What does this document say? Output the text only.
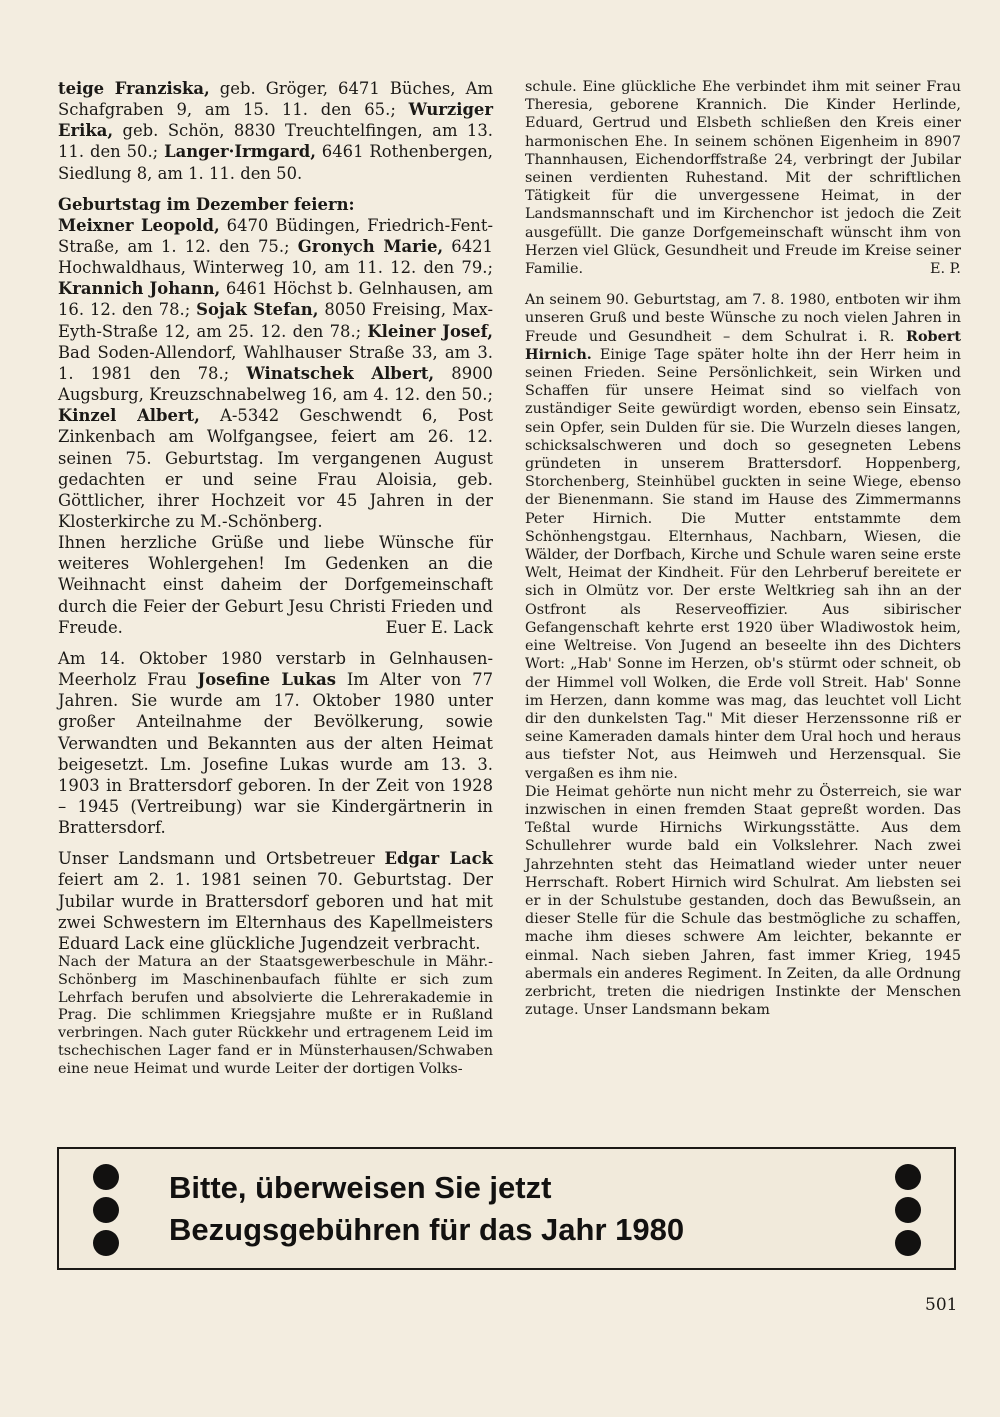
teige Franziska, geb. Gröger, 6471 Büches, Am Schafgraben 9, am 15. 11. den 65.; Wurziger Erika, geb. Schön, 8830 Treuchtelfingen, am 13. 11. den 50.; Langer·Irmgard, 6461 Rothenbergen, Siedlung 8, am 1. 11. den 50.

Geburtstag im Dezember feiern:

Meixner Leopold, 6470 Büdingen, Friedrich-Fent-Straße, am 1. 12. den 75.; Gronych Marie, 6421 Hochwaldhaus, Winterweg 10, am 11. 12. den 79.; Krannich Johann, 6461 Höchst b. Gelnhausen, am 16. 12. den 78.; Sojak Stefan, 8050 Freising, Max-Eyth-Straße 12, am 25. 12. den 78.; Kleiner Josef, Bad Soden-Allendorf, Wahlhauser Straße 33, am 3. 1. 1981 den 78.; Winatschek Albert, 8900 Augsburg, Kreuzschnabelweg 16, am 4. 12. den 50.; Kinzel Albert, A-5342 Geschwendt 6, Post Zinkenbach am Wolfgangsee, feiert am 26. 12. seinen 75. Geburtstag. Im vergangenen August gedachten er und seine Frau Aloisia, geb. Göttlicher, ihrer Hochzeit vor 45 Jahren in der Klosterkirche zu M.-Schönberg.

Ihnen herzliche Grüße und liebe Wünsche für weiteres Wohlergehen! Im Gedenken an die Weihnacht einst daheim der Dorfgemeinschaft durch die Feier der Geburt Jesu Christi Frieden und Freude.	Euer E. Lack

Am 14. Oktober 1980 verstarb in Gelnhausen-Meerholz Frau Josefine Lukas Im Alter von 77 Jahren. Sie wurde am 17. Oktober 1980 unter großer Anteilnahme der Bevölkerung, sowie Verwandten und Bekannten aus der alten Heimat beigesetzt. Lm. Josefine Lukas wurde am 13. 3. 1903 in Brattersdorf geboren. In der Zeit von 1928 – 1945 (Vertreibung) war sie Kindergärtnerin in Brattersdorf.

Unser Landsmann und Ortsbetreuer Edgar Lack feiert am 2. 1. 1981 seinen 70. Geburtstag. Der Jubilar wurde in Brattersdorf geboren und hat mit zwei Schwestern im Elternhaus des Kapellmeisters Eduard Lack eine glückliche Jugendzeit verbracht.

Nach der Matura an der Staatsgewerbeschule in Mähr.-Schönberg im Maschinenbaufach fühlte er sich zum Lehrfach berufen und absolvierte die Lehrerakademie in Prag. Die schlimmen Kriegsjahre mußte er in Rußland verbringen. Nach guter Rückkehr und ertragenem Leid im tschechischen Lager fand er in Münsterhausen/Schwaben eine neue Heimat und wurde Leiter der dortigen Volks-

schule. Eine glückliche Ehe verbindet ihm mit seiner Frau Theresia, geborene Krannich. Die Kinder Herlinde, Eduard, Gertrud und Elsbeth schließen den Kreis einer harmonischen Ehe. In seinem schönen Eigenheim in 8907 Thannhausen, Eichendorffstraße 24, verbringt der Jubilar seinen verdienten Ruhestand. Mit der schriftlichen Tätigkeit für die unvergessene Heimat, in der Landsmannschaft und im Kirchenchor ist jedoch die Zeit ausgefüllt. Die ganze Dorfgemeinschaft wünscht ihm von Herzen viel Glück, Gesundheit und Freude im Kreise seiner Familie.	E. P.

An seinem 90. Geburtstag, am 7. 8. 1980, entboten wir ihm unseren Gruß und beste Wünsche zu noch vielen Jahren in Freude und Gesundheit – dem Schulrat i. R. Robert Hirnich. Einige Tage später holte ihn der Herr heim in seinen Frieden. Seine Persönlichkeit, sein Wirken und Schaffen für unsere Heimat sind so vielfach von zuständiger Seite gewürdigt worden, ebenso sein Einsatz, sein Opfer, sein Dulden für sie. Die Wurzeln dieses langen, schicksalschweren und doch so gesegneten Lebens gründeten in unserem Brattersdorf. Hoppenberg, Storchenberg, Steinhübel guckten in seine Wiege, ebenso der Bienenmann. Sie stand im Hause des Zimmermanns Peter Hirnich. Die Mutter entstammte dem Schönhengstgau. Elternhaus, Nachbarn, Wiesen, die Wälder, der Dorfbach, Kirche und Schule waren seine erste Welt, Heimat der Kindheit. Für den Lehrberuf bereitete er sich in Olmütz vor. Der erste Weltkrieg sah ihn an der Ostfront als Reserveoffizier. Aus sibirischer Gefangenschaft kehrte erst 1920 über Wladiwostok heim, eine Weltreise. Von Jugend an beseelte ihn des Dichters Wort: „Hab' Sonne im Herzen, ob's stürmt oder schneit, ob der Himmel voll Wolken, die Erde voll Streit. Hab' Sonne im Herzen, dann komme was mag, das leuchtet voll Licht dir den dunkelsten Tag." Mit dieser Herzenssonne riß er seine Kameraden damals hinter dem Ural hoch und heraus aus tiefster Not, aus Heimweh und Herzensqual. Sie vergaßen es ihm nie.

Die Heimat gehörte nun nicht mehr zu Österreich, sie war inzwischen in einen fremden Staat gepreßt worden. Das Teßtal wurde Hirnichs Wirkungsstätte. Aus dem Schullehrer wurde bald ein Volkslehrer. Nach zwei Jahrzehnten steht das Heimatland wieder unter neuer Herrschaft. Robert Hirnich wird Schulrat. Am liebsten sei er in der Schulstube gestanden, doch das Bewußsein, an dieser Stelle für die Schule das bestmögliche zu schaffen, mache ihm dieses schwere Am leichter, bekannte er einmal. Nach sieben Jahren, fast immer Krieg, 1945 abermals ein anderes Regiment. In Zeiten, da alle Ordnung zerbricht, treten die niedrigen Instinkte der Menschen zutage. Unser Landsmann bekam

Bitte, überweisen Sie jetzt
Bezugsgebühren für das Jahr 1980
501
